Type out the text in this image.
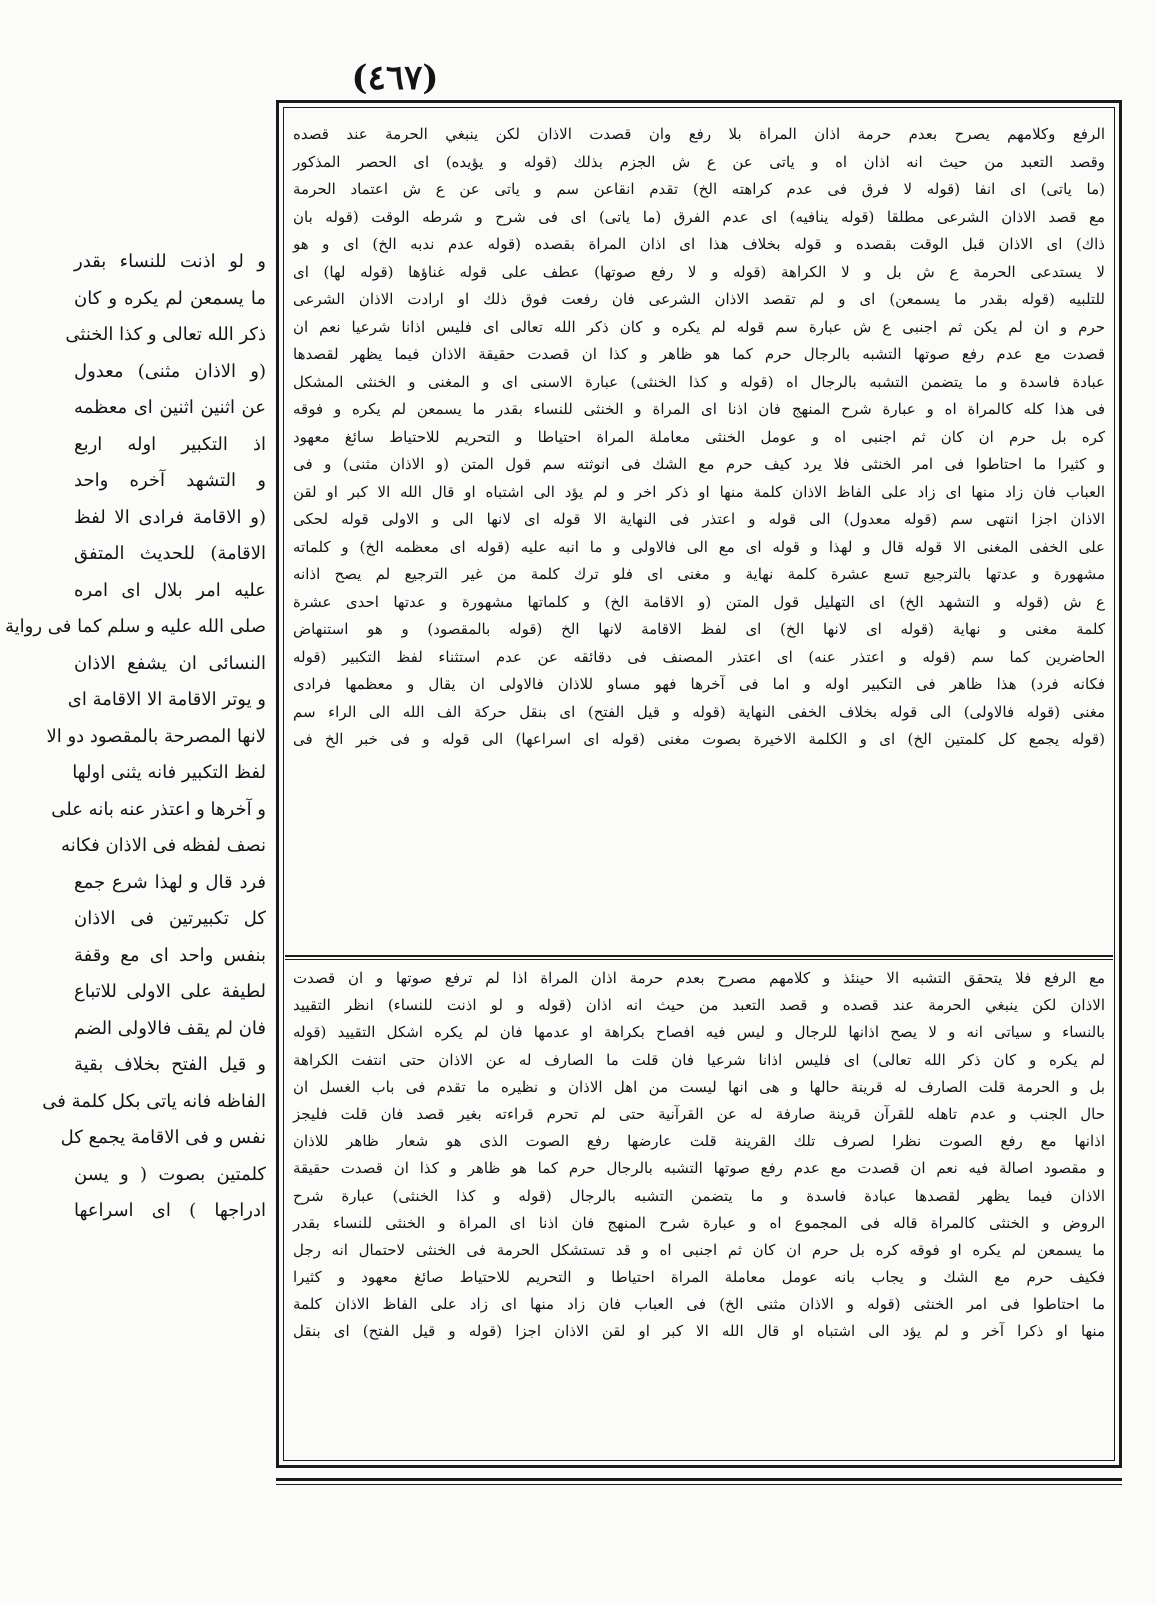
(٤٦٧)
الرفع وكلامهم يصرح بعدم حرمة اذان المراة بلا رفع وان قصدت الاذان لكن ينبغي الحرمة عند قصده
وقصد التعبد من حيث انه اذان اه و ياتى عن ع ش الجزم بذلك (قوله و يؤيده) اى الحصر المذكور
(ما ياتى) اى انفا (قوله لا فرق فى عدم كراهته الخ) تقدم انقاعن سم و ياتى عن ع ش اعتماد الحرمة
مع قصد الاذان الشرعى مطلقا (قوله ينافيه) اى عدم الفرق (ما ياتى) اى فى شرح و شرطه الوقت (قوله بان
ذاك) اى الاذان قبل الوقت بقصده و قوله بخلاف هذا اى اذان المراة بقصده (قوله عدم ندبه الخ) اى و هو
لا يستدعى الحرمة ع ش بل و لا الكراهة (قوله و لا رفع صوتها) عطف على قوله غناؤها (قوله لها) اى
للتلبيه (قوله بقدر ما يسمعن) اى و لم تقصد الاذان الشرعى فان رفعت فوق ذلك او ارادت الاذان الشرعى
حرم و ان لم يكن ثم اجنبى ع ش عبارة سم قوله لم يكره و كان ذكر الله تعالى اى فليس اذانا شرعيا نعم ان
قصدت مع عدم رفع صوتها التشبه بالرجال حرم كما هو ظاهر و كذا ان قصدت حقيقة الاذان فيما يظهر لقصدها
عبادة فاسدة و ما يتضمن التشبه بالرجال اه (قوله و كذا الخنثى) عبارة الاسنى اى و المغنى و الخنثى المشكل
فى هذا كله كالمراة اه و عبارة شرح المنهج فان اذنا اى المراة و الخنثى للنساء بقدر ما يسمعن لم يكره و فوقه
كره بل حرم ان كان ثم اجنبى اه و عومل الخنثى معاملة المراة احتياطا و التحريم للاحتياط سائغ معهود
و كثيرا ما احتاطوا فى امر الخنثى فلا يرد كيف حرم مع الشك فى انوثته سم قول المتن (و الاذان مثنى) و فى
العباب فان زاد منها اى زاد على الفاظ الاذان كلمة منها او ذكر اخر و لم يؤد الى اشتباه او قال الله الا كبر او لقن
الاذان اجزا انتهى سم (قوله معدول) الى قوله و اعتذر فى النهاية الا قوله اى لانها الى و الاولى قوله لحكى
على الخفى المغنى الا قوله قال و لهذا و قوله اى مع الى فالاولى و ما انبه عليه (قوله اى معظمه الخ) و كلماته
مشهورة و عدتها بالترجيع تسع عشرة كلمة نهاية و مغنى اى فلو ترك كلمة من غير الترجيع لم يصح اذانه
ع ش (قوله و التشهد الخ) اى التهليل قول المتن (و الاقامة الخ) و كلماتها مشهورة و عدتها احدى عشرة
كلمة مغنى و نهاية (قوله اى لانها الخ) اى لفظ الاقامة لانها الخ (قوله بالمقصود) و هو استنهاض
الحاضرين كما سم (قوله و اعتذر عنه) اى اعتذر المصنف فى دقائقه عن عدم استثناء لفظ التكبير (قوله
فكانه فرد) هذا ظاهر فى التكبير اوله و اما فى آخرها فهو مساو للاذان فالاولى ان يقال و معظمها فرادى
مغنى (قوله فالاولى) الى قوله بخلاف الخفى النهاية (قوله و قيل الفتح) اى بنقل حركة الف الله الى الراء سم
(قوله يجمع كل كلمتين الخ) اى و الكلمة الاخيرة بصوت مغنى (قوله اى اسراعها) الى قوله و فى خبر الخ فى
مع الرفع فلا يتحقق التشبه الا حينئذ و كلامهم مصرح بعدم حرمة اذان المراة اذا لم ترفع صوتها و ان قصدت
الاذان لكن ينبغي الحرمة عند قصده و قصد التعبد من حيث انه اذان (قوله و لو اذنت للنساء) انظر التقييد
بالنساء و سياتى انه و لا يصح اذانها للرجال و ليس فيه افصاح بكراهة او عدمها فان لم يكره اشكل التقييد (قوله
لم يكره و كان ذكر الله تعالى) اى فليس اذانا شرعيا فان قلت ما الصارف له عن الاذان حتى انتفت الكراهة
بل و الحرمة قلت الصارف له قرينة حالها و هى انها ليست من اهل الاذان و نظيره ما تقدم فى باب الغسل ان
حال الجنب و عدم تاهله للقرآن قرينة صارفة له عن القرآنية حتى لم تحرم قراءته بغير قصد فان قلت فليجز
اذانها مع رفع الصوت نظرا لصرف تلك القرينة قلت عارضها رفع الصوت الذى هو شعار ظاهر للاذان
و مقصود اصالة فيه نعم ان قصدت مع عدم رفع صوتها التشبه بالرجال حرم كما هو ظاهر و كذا ان قصدت حقيقة
الاذان فيما يظهر لقصدها عبادة فاسدة و ما يتضمن التشبه بالرجال (قوله و كذا الخنثى) عبارة شرح
الروض و الخنثى كالمراة قاله فى المجموع اه و عبارة شرح المنهج فان اذنا اى المراة و الخنثى للنساء بقدر
ما يسمعن لم يكره او فوقه كره بل حرم ان كان ثم اجنبى اه و قد تستشكل الحرمة فى الخنثى لاحتمال انه رجل
فكيف حرم مع الشك و يجاب بانه عومل معاملة المراة احتياطا و التحريم للاحتياط صائغ معهود و كثيرا
ما احتاطوا فى امر الخنثى (قوله و الاذان مثنى الخ) فى العباب فان زاد منها اى زاد على الفاظ الاذان كلمة
منها او ذكرا آخر و لم يؤد الى اشتباه او قال الله الا كبر او لقن الاذان اجزا (قوله و قيل الفتح) اى بنقل
و لو اذنت للنساء بقدر
ما يسمعن لم يكره و كان
ذكر الله تعالى و كذا الخنثى
(و الاذان مثنى) معدول
عن اثنين اثنين اى معظمه
اذ التكبير اوله اربع
و التشهد آخره واحد
(و الاقامة فرادى الا لفظ
الاقامة) للحديث المتفق
عليه امر بلال اى امره
صلى الله عليه و سلم كما فى رواية
النسائى ان يشفع الاذان
و يوتر الاقامة الا الاقامة اى
لانها المصرحة بالمقصود دو الا
لفظ التكبير فانه يثنى اولها
و آخرها و اعتذر عنه بانه على
نصف لفظه فى الاذان فكانه
فرد قال و لهذا شرع جمع
كل تكبيرتين فى الاذان
بنفس واحد اى مع وقفة
لطيفة على الاولى للاتباع
فان لم يقف فالاولى الضم
و قيل الفتح بخلاف بقية
الفاظه فانه ياتى بكل كلمة فى
نفس و فى الاقامة يجمع كل
كلمتين بصوت ( و يسن
ادراجها ) اى اسراعها
